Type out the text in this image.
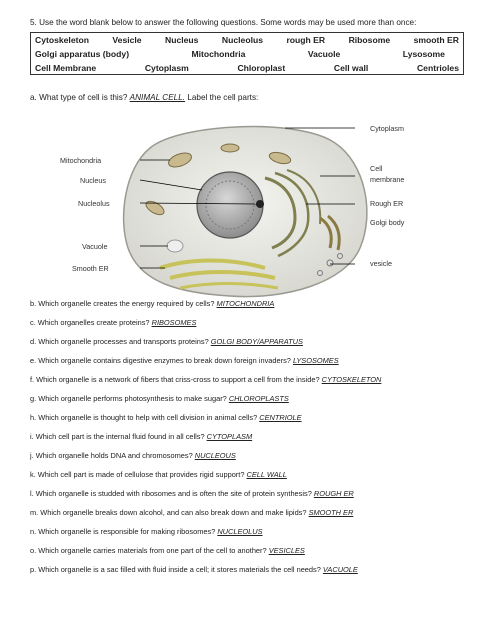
5. Use the word blank below to answer the following questions. Some words may be used more than once:
Cytoskeleton	Vesicle	Nucleus	Nucleolus	rough ER	Ribosome	smooth ER
Golgi apparatus (body)	Mitochondria	Vacuole	Lysosome
Cell Membrane	Cytoplasm	Chloroplast	Cell wall	Centrioles
a. What type of cell is this? ANIMAL CELL. Label the cell parts:
Mitochondria
Nucleus
Nucleolus
Vacuole
Smooth ER
Cytoplasm
Cell
membrane
Rough ER
Golgi body
vesicle
b. Which organelle creates the energy required by cells? MITOCHONDRIA
c. Which organelles create proteins? RIBOSOMES
d. Which organelle processes and transports proteins? GOLGI BODY/APPARATUS
e. Which organelle contains digestive enzymes to break down foreign invaders? LYSOSOMES
f. Which organelle is a network of fibers that criss-cross to support a cell from the inside? CYTOSKELETON
g. Which organelle performs photosynthesis to make sugar? CHLOROPLASTS
h. Which organelle is thought to help with cell division in animal cells? CENTRIOLE
i. Which cell part is the internal fluid found in all cells? CYTOPLASM
j. Which organelle holds DNA and chromosomes? NUCLEOUS
k. Which cell part is made of cellulose that provides rigid support? CELL WALL
l. Which organelle is studded with ribosomes and is often the site of protein synthesis? ROUGH ER
m. Which organelle breaks down alcohol, and can also break down and make lipids? SMOOTH ER
n. Which organelle is responsible for making ribosomes? NUCLEOLUS
o. Which organelle carries materials from one part of the cell to another? VESICLES
p. Which organelle is a sac filled with fluid inside a cell; it stores materials the cell needs? VACUOLE
